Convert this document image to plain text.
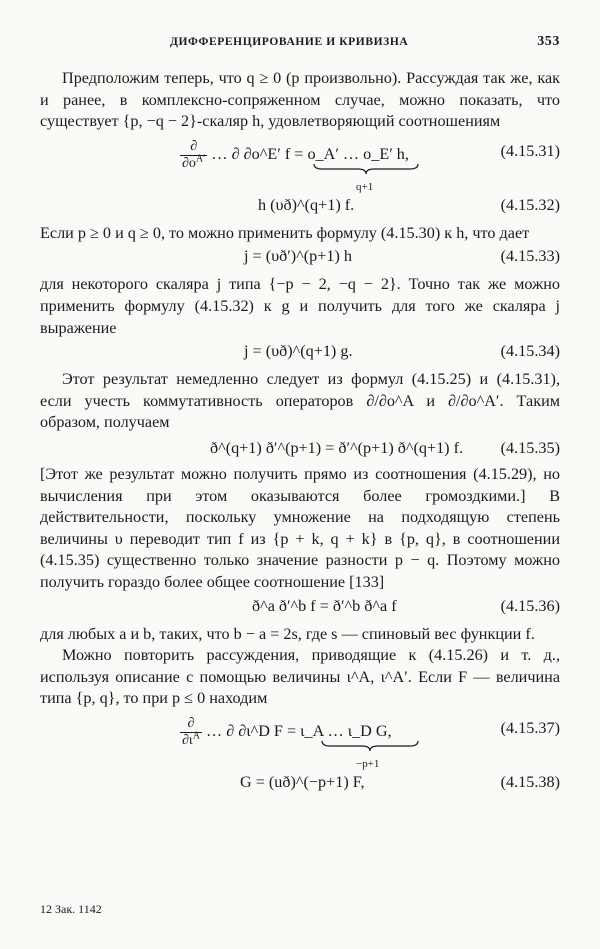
ДИФФЕРЕНЦИРОВАНИЕ И КРИВИЗНА	353

Предположим теперь, что q ≥ 0 (p произвольно). Рассуждая так же, как и ранее, в комплексно-сопряженном случае, можно показать, что существует {p, −q − 2}-скаляр h, удовлетворяющий соотношениям

$\frac{\partial}{\partial o^{A'}}$ … ∂ ∂o^E′ f = o_A′ … o_E′ h,
q+1
(4.15.31)
h (υð)^(q+1) f.	(4.15.32)

Если p ≥ 0 и q ≥ 0, то можно применить формулу (4.15.30) к h, что дает

j = (υð′)^(p+1) h	(4.15.33)

для некоторого скаляра j типа {−p − 2, −q − 2}. Точно так же можно применить формулу (4.15.32) к g и получить для того же скаляра j выражение

j = (υð)^(q+1) g.	(4.15.34)

Этот результат немедленно следует из формул (4.15.25) и (4.15.31), если учесть коммутативность операторов ∂/∂o^A и ∂/∂o^A′. Таким образом, получаем

ð^(q+1) ð′^(p+1) = ð′^(p+1) ð^(q+1) f. (4.15.35)

[Этот же результат можно получить прямо из соотношения (4.15.29), но вычисления при этом оказываются более громоздкими.] В действительности, поскольку умножение на подходящую степень величины υ переводит тип f из {p + k, q + k} в {p, q}, в соотношении (4.15.35) существенно только значение разности p − q. Поэтому можно получить гораздо более общее соотношение [133]

ð^a ð′^b f = ð′^b ð^a f	(4.15.36)

для любых a и b, таких, что b − a = 2s, где s — спиновый вес функции f.

Можно повторить рассуждения, приводящие к (4.15.26) и т. д., используя описание с помощью величины ι^A, ι^A′. Если F — величина типа {p, q}, то при p ≤ 0 находим

$\frac{\partial}{\partial\iota^A}$ … ∂ ∂ι^D F = ι_A … ι_D G,
−p+1
(4.15.37)
G = (uð)^(−p+1) F,	(4.15.38)
12 Зак. 1142
